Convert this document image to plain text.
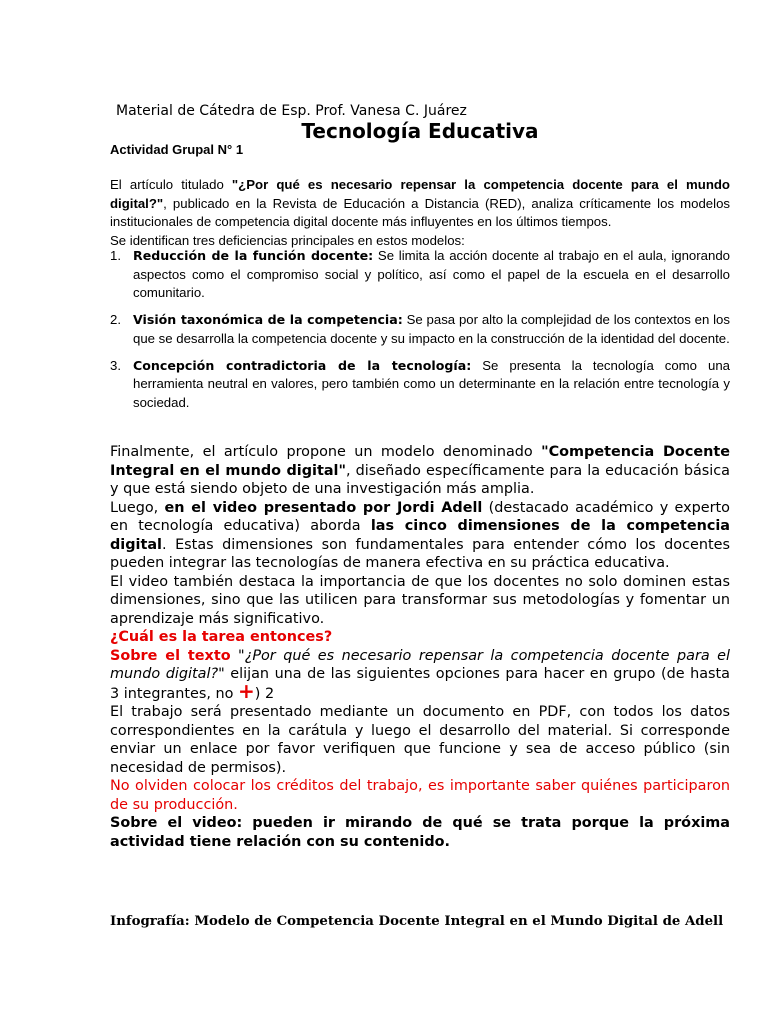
Material de Cátedra de Esp. Prof. Vanesa C. Juárez
Tecnología Educativa
Actividad Grupal N° 1

El artículo titulado "¿Por qué es necesario repensar la competencia docente para el mundo digital?", publicado en la Revista de Educación a Distancia (RED), analiza críticamente los modelos institucionales de competencia digital docente más influyentes en los últimos tiempos.

Se identifican tres deficiencias principales en estos modelos:

1. Reducción de la función docente: Se limita la acción docente al trabajo en el aula, ignorando aspectos como el compromiso social y político, así como el papel de la escuela en el desarrollo comunitario.
2. Visión taxonómica de la competencia: Se pasa por alto la complejidad de los contextos en los que se desarrolla la competencia docente y su impacto en la construcción de la identidad del docente.
3. Concepción contradictoria de la tecnología: Se presenta la tecnología como una herramienta neutral en valores, pero también como un determinante en la relación entre tecnología y sociedad.

Finalmente, el artículo propone un modelo denominado "Competencia Docente Integral en el mundo digital", diseñado específicamente para la educación básica y que está siendo objeto de una investigación más amplia.

Luego, en el video presentado por Jordi Adell (destacado académico y experto en tecnología educativa) aborda las cinco dimensiones de la competencia digital. Estas dimensiones son fundamentales para entender cómo los docentes pueden integrar las tecnologías de manera efectiva en su práctica educativa.

El video también destaca la importancia de que los docentes no solo dominen estas dimensiones, sino que las utilicen para transformar sus metodologías y fomentar un aprendizaje más significativo.

¿Cuál es la tarea entonces?

Sobre el texto "¿Por qué es necesario repensar la competencia docente para el mundo digital?" elijan una de las siguientes opciones para hacer en grupo (de hasta 3 integrantes, no +) 2

El trabajo será presentado mediante un documento en PDF, con todos los datos correspondientes en la carátula y luego el desarrollo del material. Si corresponde enviar un enlace por favor verifiquen que funcione y sea de acceso público (sin necesidad de permisos).

No olviden colocar los créditos del trabajo, es importante saber quiénes participaron de su producción.

Sobre el video: pueden ir mirando de qué se trata porque la próxima actividad tiene relación con su contenido.

Infografía: Modelo de Competencia Docente Integral en el Mundo Digital de Adell
